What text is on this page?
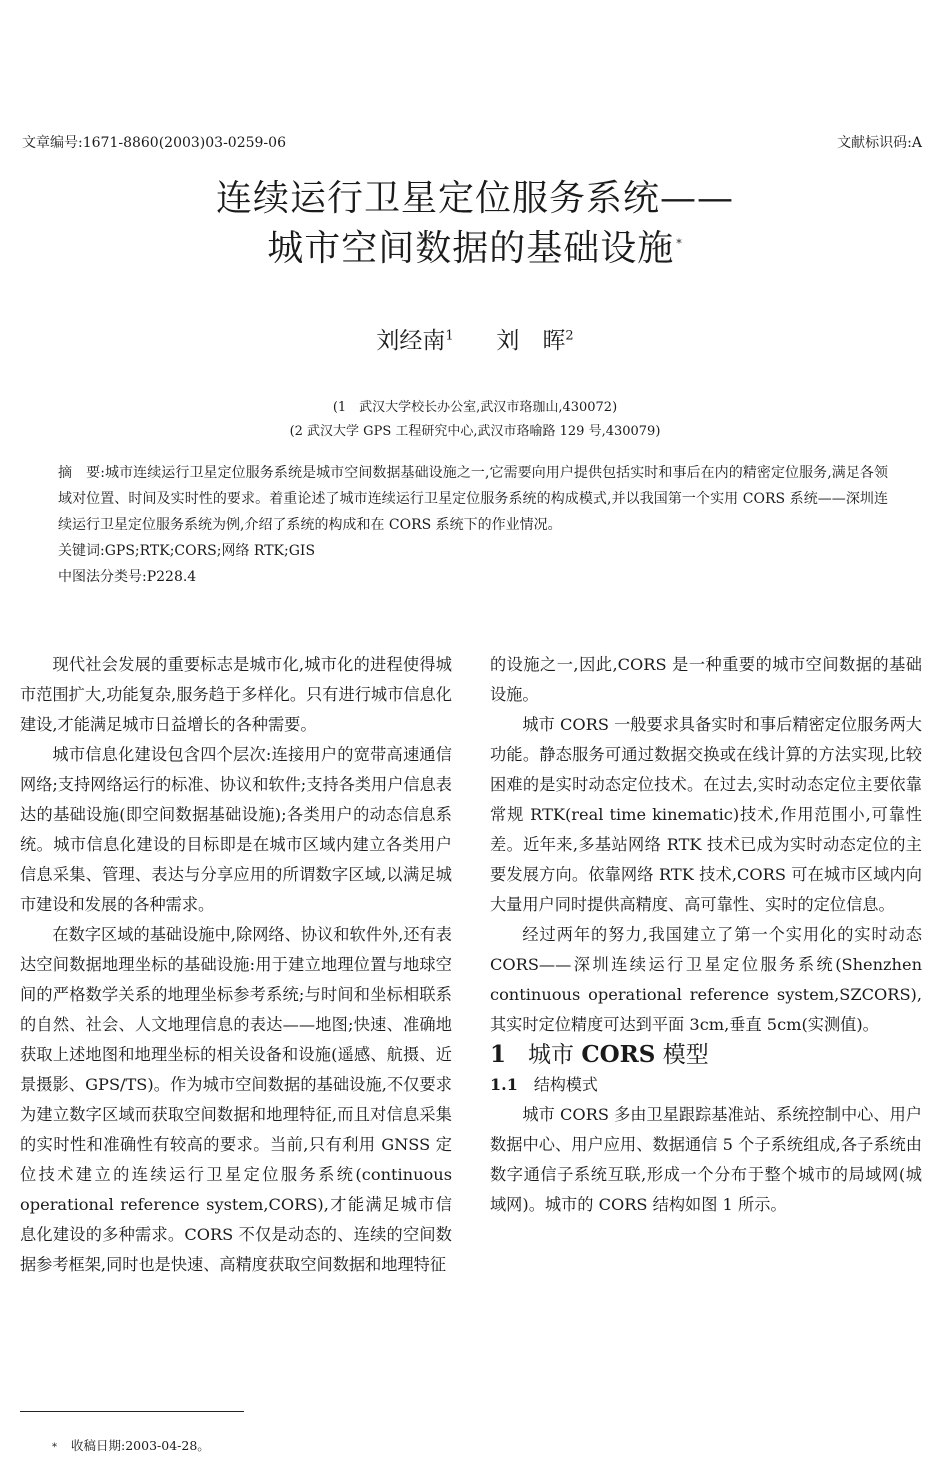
文章编号:1671-8860(2003)03-0259-06	文献标识码:A
连续运行卫星定位服务系统——
城市空间数据的基础设施 *
刘经南$^1$ 刘　晖$^2$
(1　武汉大学校长办公室,武汉市珞珈山,430072)
(2 武汉大学 GPS 工程研究中心,武汉市珞喻路 129 号,430079)

摘　要:城市连续运行卫星定位服务系统是城市空间数据基础设施之一,它需要向用户提供包括实时和事后在内的精密定位服务,满足各领域对位置、时间及实时性的要求。着重论述了城市连续运行卫星定位服务系统的构成模式,并以我国第一个实用 CORS 系统——深圳连续运行卫星定位服务系统为例,介绍了系统的构成和在 CORS 系统下的作业情况。

关键词:GPS;RTK;CORS;网络 RTK;GIS

中图法分类号:P228.4

现代社会发展的重要标志是城市化,城市化的进程使得城市范围扩大,功能复杂,服务趋于多样化。只有进行城市信息化建设,才能满足城市日益增长的各种需要。

城市信息化建设包含四个层次:连接用户的宽带高速通信网络;支持网络运行的标准、协议和软件;支持各类用户信息表达的基础设施(即空间数据基础设施);各类用户的动态信息系统。城市信息化建设的目标即是在城市区域内建立各类用户信息采集、管理、表达与分享应用的所谓数字区域,以满足城市建设和发展的各种需求。

在数字区域的基础设施中,除网络、协议和软件外,还有表达空间数据地理坐标的基础设施:用于建立地理位置与地球空间的严格数学关系的地理坐标参考系统;与时间和坐标相联系的自然、社会、人文地理信息的表达——地图;快速、准确地获取上述地图和地理坐标的相关设备和设施(遥感、航摄、近景摄影、GPS/TS)。作为城市空间数据的基础设施,不仅要求为建立数字区域而获取空间数据和地理特征,而且对信息采集的实时性和准确性有较高的要求。当前,只有利用 GNSS 定位技术建立的连续运行卫星定位服务系统(continuous operational reference system,CORS),才能满足城市信息化建设的多种需求。CORS 不仅是动态的、连续的空间数据参考框架,同时也是快速、高精度获取空间数据和地理特征

的设施之一,因此,CORS 是一种重要的城市空间数据的基础设施。

城市 CORS 一般要求具备实时和事后精密定位服务两大功能。静态服务可通过数据交换或在线计算的方法实现,比较困难的是实时动态定位技术。在过去,实时动态定位主要依靠常规 RTK(real time kinematic)技术,作用范围小,可靠性差。近年来,多基站网络 RTK 技术已成为实时动态定位的主要发展方向。依靠网络 RTK 技术,CORS 可在城市区域内向大量用户同时提供高精度、高可靠性、实时的定位信息。

经过两年的努力,我国建立了第一个实用化的实时动态 CORS——深圳连续运行卫星定位服务系统(Shenzhen continuous operational reference system,SZCORS),其实时定位精度可达到平面 3cm,垂直 5cm(实测值)。

1 城市 CORS 模型

1.1 结构模式

城市 CORS 多由卫星跟踪基准站、系统控制中心、用户数据中心、用户应用、数据通信 5 个子系统组成,各子系统由数字通信子系统互联,形成一个分布于整个城市的局域网(城域网)。城市的 CORS 结构如图 1 所示。

* 收稿日期:2003-04-28。
